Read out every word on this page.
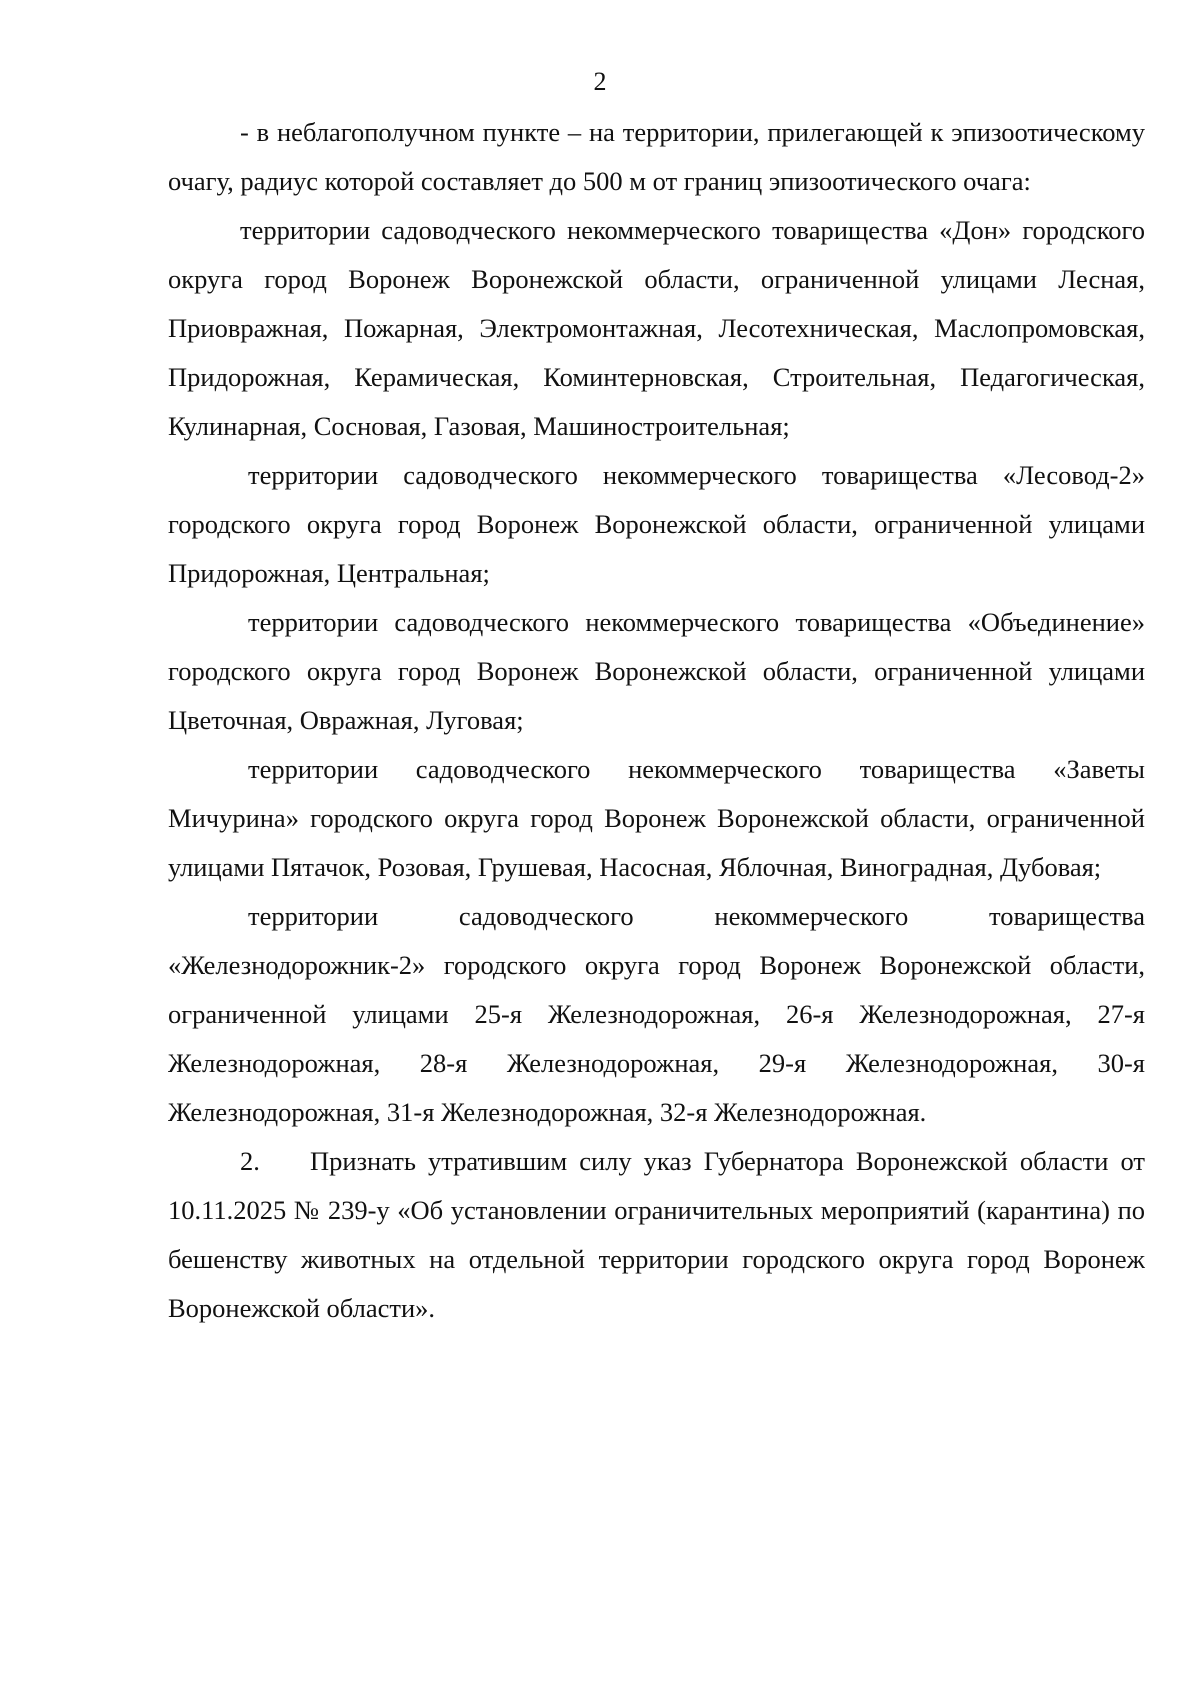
2

- в неблагополучном пункте – на территории, прилегающей к эпизоотическому очагу, радиус которой составляет до 500 м от границ эпизоотического очага:

территории садоводческого некоммерческого товарищества «Дон» городского округа город Воронеж Воронежской области, ограниченной улицами Лесная, Приовражная, Пожарная, Электромонтажная, Лесотехническая, Маслопромовская, Придорожная, Керамическая, Коминтерновская, Строительная, Педагогическая, Кулинарная, Сосновая, Газовая, Машиностроительная;

территории садоводческого некоммерческого товарищества «Лесовод-2» городского округа город Воронеж Воронежской области, ограниченной улицами Придорожная, Центральная;

территории садоводческого некоммерческого товарищества «Объединение» городского округа город Воронеж Воронежской области, ограниченной улицами Цветочная, Овражная, Луговая;

территории садоводческого некоммерческого товарищества «Заветы Мичурина» городского округа город Воронеж Воронежской области, ограниченной улицами Пятачок, Розовая, Грушевая, Насосная, Яблочная, Виноградная, Дубовая;

территории садоводческого некоммерческого товарищества «Железнодорожник-2» городского округа город Воронеж Воронежской области, ограниченной улицами 25-я Железнодорожная, 26-я Железнодорожная, 27-я Железнодорожная, 28-я Железнодорожная, 29-я Железнодорожная, 30-я Железнодорожная, 31-я Железнодорожная, 32-я Железнодорожная.

2. Признать утратившим силу указ Губернатора Воронежской области от 10.11.2025 № 239-у «Об установлении ограничительных мероприятий (карантина) по бешенству животных на отдельной территории городского округа город Воронеж Воронежской области».
